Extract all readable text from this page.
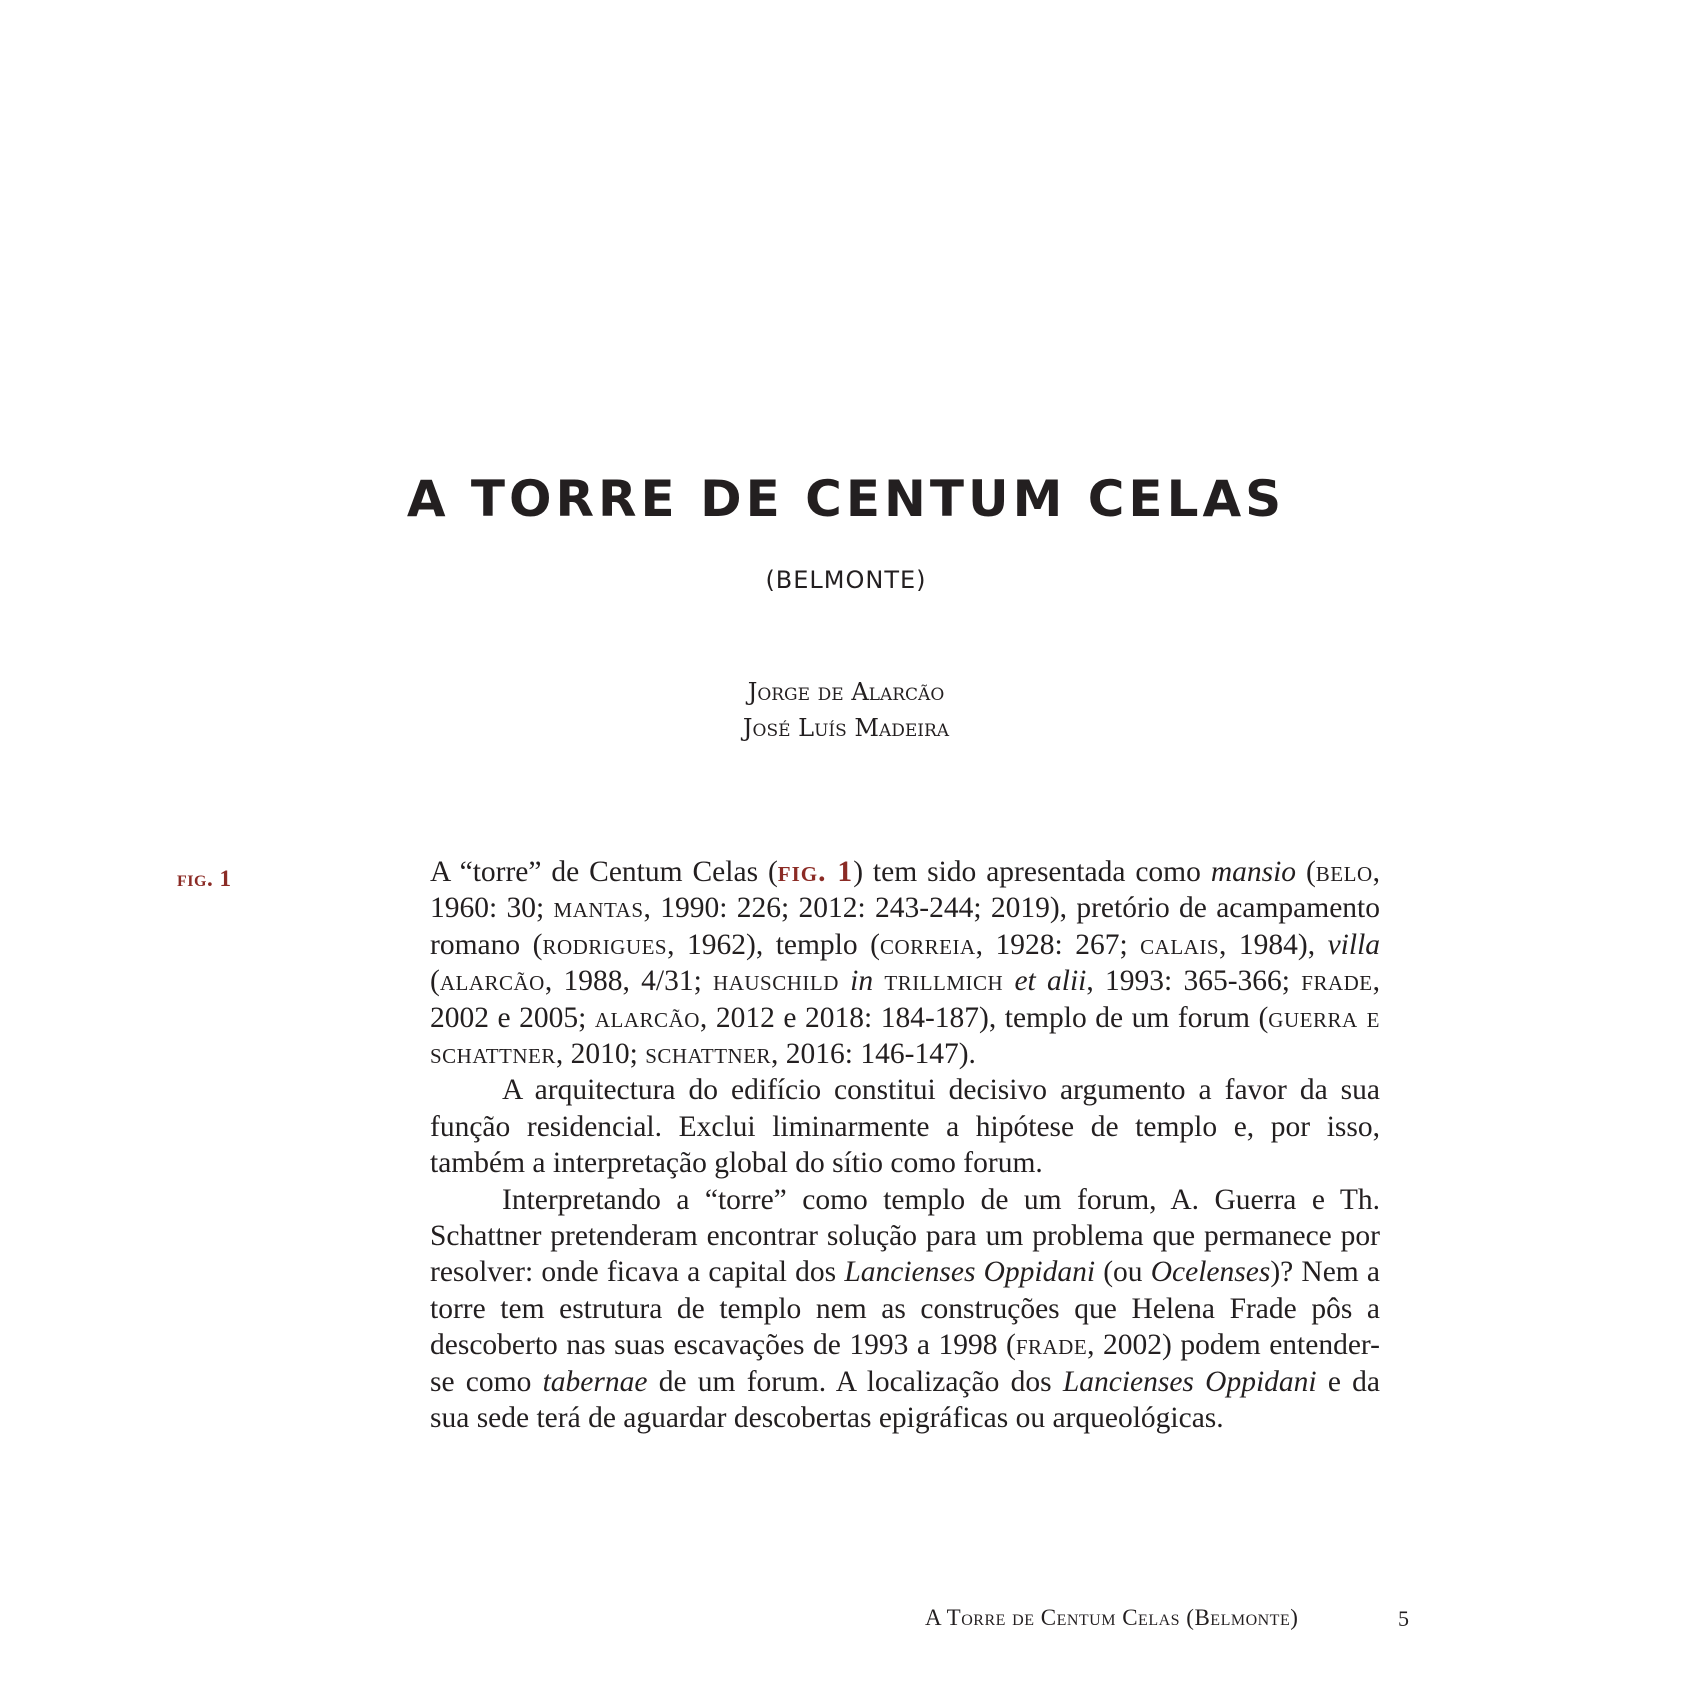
A TORRE DE CENTUM CELAS
(BELMONTE)
Jorge de Alarcão
José Luís Madeira
fig. 1	A “torre” de Centum Celas (fig. 1) tem sido apresentada como mansio (belo, 1960: 30; mantas, 1990: 226; 2012: 243-244; 2019), pretório de acampamento romano (rodrigues, 1962), templo (correia, 1928: 267; calais, 1984), villa (alarcão, 1988, 4/31; hauschild in trillmich et alii, 1993: 365-366; frade, 2002 e 2005; alarcão, 2012 e 2018: 184-187), templo de um forum (guerra e schattner, 2010; schattner, 2016: 146-147).

A arquitectura do edifício constitui decisivo argumento a favor da sua função residencial. Exclui liminarmente a hipótese de templo e, por isso, também a interpretação global do sítio como forum.

Interpretando a “torre” como templo de um forum, A. Guerra e Th. Schattner pretenderam encontrar solução para um problema que permanece por resolver: onde ficava a capital dos Lancienses Oppidani (ou Ocelenses)? Nem a torre tem estrutura de templo nem as construções que Helena Frade pôs a descoberto nas suas escavações de 1993 a 1998 (frade, 2002) podem entender-se como tabernae de um forum. A localização dos Lancienses Oppidani e da sua sede terá de aguardar descobertas epigráficas ou arqueológicas.

A Torre de Centum Celas (Belmonte)	5
